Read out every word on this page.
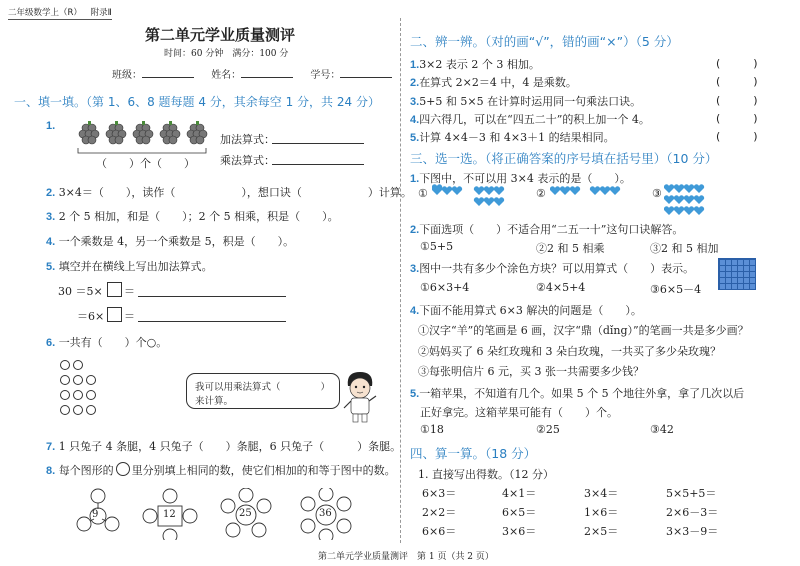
二年级数学上（R） 附录Ⅱ
第二单元学业质量测评
时间：60 分钟　满分：100 分
班级：	姓名：	学号：
一、填一填。（第 1、6、8 题每题 4 分，其余每空 1 分，共 24 分）
1.
（　　）个（　　）
加法算式：
乘法算式：
2. 3×4＝（　　），读作（　　　　　　），想口诀（　　　　　　）计算。
3. 2 个 5 相加，和是（　　）；2 个 5 相乘，积是（　　）。
4. 一个乘数是 4，另一个乘数是 5，积是（　　）。
5. 填空并在横线上写出加法算式。
30 ＝5× ＝
＝6× ＝
6. 一共有（　　）个○。
我可以用乘法算式（	）
来计算。
7. 1 只兔子 4 条腿，4 只兔子（　　）条腿，6 只兔子（　　　）条腿。
8. 每个图形的 里分别填上相同的数，使它们相加的和等于图中的数。
9	12	25	36
二、辨一辨。（对的画“√”，错的画“×”）（5 分）
1.3×2 表示 2 个 3 相加。	(　　　)
2.在算式 2×2＝4 中，4 是乘数。	(　　　)
3.5+5 和 5×5 在计算时运用同一句乘法口诀。	(　　　)
4.四六得几，可以在“四五二十”的积上加一个 4。	(　　　)
5.计算 4×4－3 和 4×3＋1 的结果相同。	(　　　)
三、选一选。（将正确答案的序号填在括号里）（10 分）
1.下图中，不可以用 3×4 表示的是（　　）。
①	②	③
2.下面选项（　　）不适合用“二五一十”这句口诀解答。
①5+5	②2 和 5 相乘	③2 和 5 相加
3.图中一共有多少个涂色方块？可以用算式（　　）表示。
①6×3+4	②4×5+4	③6×5－4
4.下面不能用算式 6×3 解决的问题是（　　）。
①汉字“羊”的笔画是 6 画，汉字“鼎（dǐng）”的笔画一共是多少画？
②妈妈买了 6 朵红玫瑰和 3 朵白玫瑰，一共买了多少朵玫瑰？
③每张明信片 6 元，买 3 张一共需要多少钱？
5.一箱苹果，不知道有几个。如果 5 个 5 个地往外拿，拿了几次以后
正好拿完。这箱苹果可能有（　　）个。
①18	②25	③42
四、算一算。（18 分）
1. 直接写出得数。（12 分）
6×3＝	4×1＝	3×4＝	5×5+5＝
2×2＝	6×5＝	1×6＝	2×6－3＝
6×6＝	3×6＝	2×5＝	3×3－9＝
第二单元学业质量测评　第 1 页（共 2 页）
